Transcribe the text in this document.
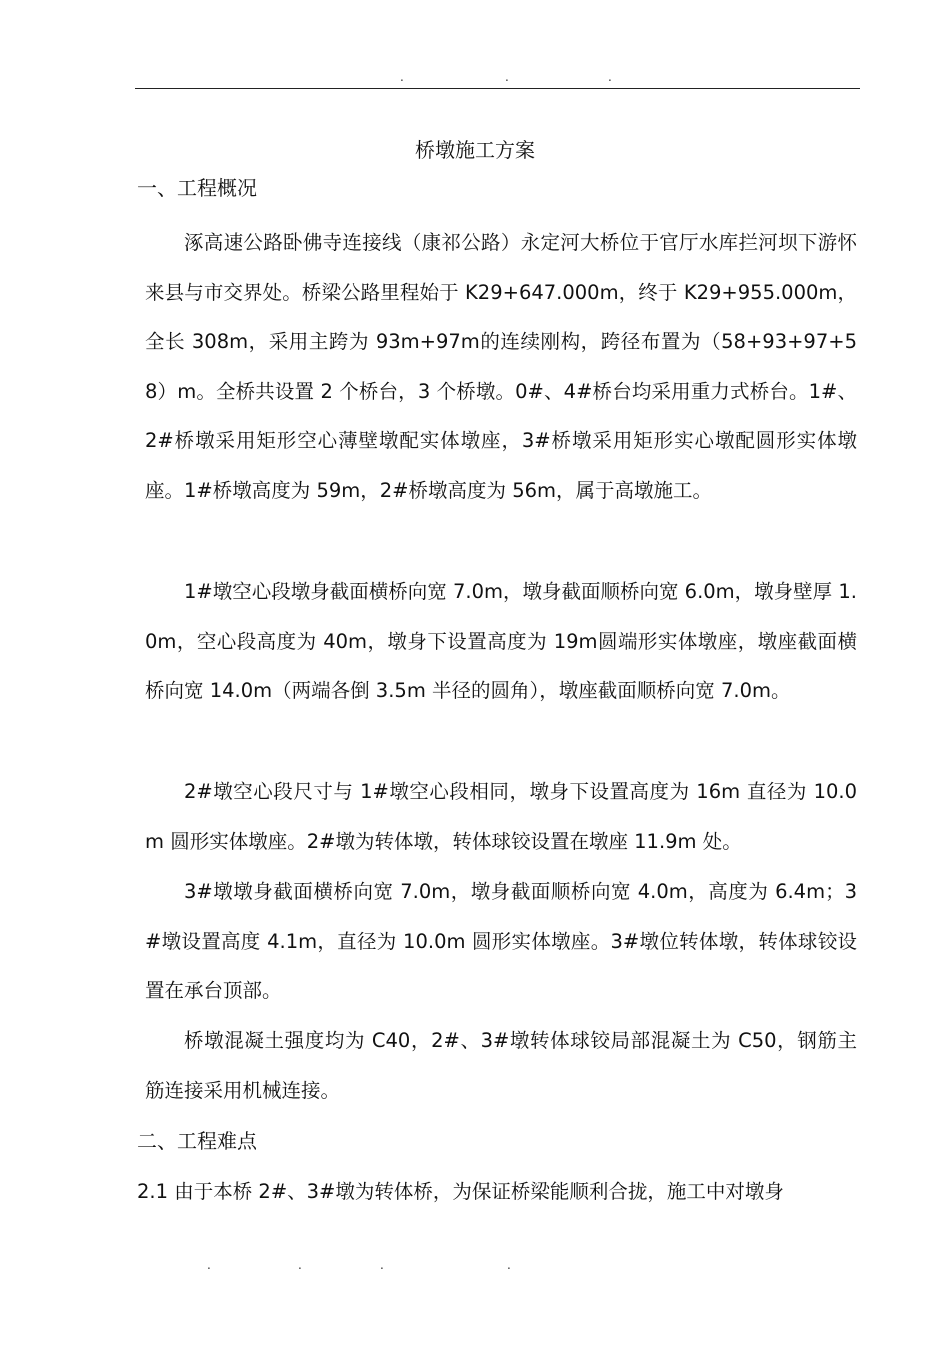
.	.	.
桥墩施工方案
一、工程概况

涿高速公路卧佛寺连接线（康祁公路）永定河大桥位于官厅水库拦河坝下游怀来县与市交界处。桥梁公路里程始于 K29+647.000m，终于 K29+955.000m，全长 308m，采用主跨为 93m+97m的连续刚构，跨径布置为（58+93+97+58）m。全桥共设置 2 个桥台，3 个桥墩。0#、4#桥台均采用重力式桥台。1#、2#桥墩采用矩形空心薄壁墩配实体墩座，3#桥墩采用矩形实心墩配圆形实体墩座。1#桥墩高度为 59m，2#桥墩高度为 56m，属于高墩施工。

1#墩空心段墩身截面横桥向宽 7.0m，墩身截面顺桥向宽 6.0m，墩身壁厚 1.0m，空心段高度为 40m，墩身下设置高度为 19m圆端形实体墩座，墩座截面横桥向宽 14.0m（两端各倒 3.5m 半径的圆角），墩座截面顺桥向宽 7.0m。

2#墩空心段尺寸与 1#墩空心段相同，墩身下设置高度为 16m 直径为 10.0m 圆形实体墩座。2#墩为转体墩，转体球铰设置在墩座 11.9m 处。

3#墩墩身截面横桥向宽 7.0m，墩身截面顺桥向宽 4.0m，高度为 6.4m；3#墩设置高度 4.1m，直径为 10.0m 圆形实体墩座。3#墩位转体墩，转体球铰设置在承台顶部。

桥墩混凝土强度均为 C40，2#、3#墩转体球铰局部混凝土为 C50，钢筋主筋连接采用机械连接。

二、工程难点
2.1 由于本桥 2#、3#墩为转体桥，为保证桥梁能顺利合拢，施工中对墩身
.	.	.	.
